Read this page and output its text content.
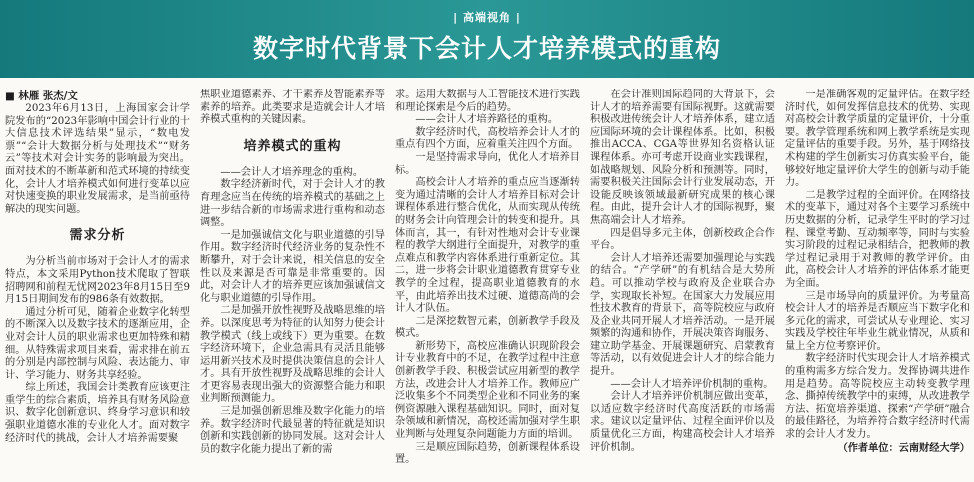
| 高端视角 |
数字时代背景下会计人才培养模式的重构
■ 林雁 张杰/文

2023年6月13日，上海国家会计学院发布的“2023年影响中国会计行业的十大信息技术评选结果”显示，“数电发票”“会计大数据分析与处理技术”“财务云”等技术对会计实务的影响最为突出。面对技术的不断革新和范式环境的持续变化，会计人才培养模式如何进行变革以应对快速变换的职业发展需求，是当前亟待解决的现实问题。

需求分析

为分析当前市场对于会计人才的需求特点，本文采用Python技术爬取了智联招聘网和前程无忧网2023年8月15日至9月15日期间发布的986条有效数据。

通过分析可见，随着企业数字化转型的不断深入以及数字技术的逐渐应用，企业对会计人员的职业需求也更加特殊和精细。从特殊需求项目来看，需求排在前五的分别是内部控制与风险、表达能力、审计、学习能力、财务共享经验。

综上所述，我国会计类教育应该更注重学生的综合素质，培养具有财务风险意识、数字化创新意识、终身学习意识和较强职业道德水准的专业化人才。面对数字经济时代的挑战，会计人才培养需要聚

焦职业道德素养、才干素养及智能素养等素养的培养。此类要求是造就会计人才培养模式重构的关键因素。

培养模式的重构

——会计人才培养理念的重构。

数字经济新时代，对于会计人才的教育理念应当在传统的培养模式的基础之上进一步结合新的市场需求进行重构和动态调整。

一是加强诚信文化与职业道德的引导作用。数字经济时代经济业务的复杂性不断攀升，对于会计来说，相关信息的安全性以及来源是否可靠是非常重要的。因此，对会计人才的培养更应该加强诚信文化与职业道德的引导作用。

二是加强开放性视野及战略思维的培养。以深度思考为特征的认知努力使会计教学模式（线上或线下）更为重要。在数字经济环境下，企业急需具有灵活且能够运用新兴技术及时提供决策信息的会计人才。具有开放性视野及战略思维的会计人才更容易表现出强大的资源整合能力和职业判断预测能力。

三是加强创新思维及数字化能力的培养。数字经济时代最显著的特征就是知识创新和实践创新的协同发展。这对会计人员的数字化能力提出了新的需

求。运用大数据与人工智能技术进行实践和理论探索是今后的趋势。

——会计人才培养路径的重构。

数字经济时代，高校培养会计人才的重点有四个方面，应着重关注四个方面。

一是坚持需求导向，优化人才培养目标。

高校会计人才培养的重点应当逐渐转变为通过清晰的会计人才培养目标对会计课程体系进行整合优化，从而实现从传统的财务会计向管理会计的转变和提升。具体而言，其一，有针对性地对会计专业课程的教学大纲进行全面提升，对教学的重点难点和教学内容体系进行重新定位。其二，进一步将会计职业道德教育贯穿专业教学的全过程，提高职业道德教育的水平，由此培养出技术过硬、道德高尚的会计人才队伍。

二是深挖数智元素，创新教学手段及模式。

新形势下，高校应准确认识现阶段会计专业教育中的不足，在教学过程中注意创新教学手段、积极尝试应用新型的教学方法，改进会计人才培养工作。教师应广泛收集多个不同类型企业和不同业务的案例资源融入课程基础知识。同时，面对复杂领域和新情况，高校还需加强对学生职业判断与处理复杂问题能力方面的培训。

三是顺应国际趋势，创新课程体系设置。

在会计准则国际趋同的大背景下，会计人才的培养需要有国际视野。这就需要积极改进传统会计人才培养体系，建立适应国际环境的会计课程体系。比如，积极推出ACCA、CGA等世界知名资格认证课程体系。亦可考虑开设商业实践课程，如战略规划、风险分析和预测等。同时，需要积极关注国际会计行业发展动态，开设能反映该领域最新研究成果的核心课程。由此，提升会计人才的国际视野，聚焦高端会计人才培养。

四是倡导多元主体，创新校政企合作平台。

会计人才培养还需要加强理论与实践的结合。“产学研”的有机结合是大势所趋。可以推动学校与政府及企业联合办学，实现取长补短。在国家大力发展应用性技术教育的背景下，高等院校应与政府及企业共同开展人才培养活动。一是开展频繁的沟通和协作，开展决策咨询服务、建立助学基金、开展课题研究、启蒙教育等活动，以有效促进会计人才的综合能力提升。

——会计人才培养评价机制的重构。

会计人才培养评价机制应做出变革，以适应数字经济时代高度活跃的市场需求。建议以定量评估、过程全面评价以及质量优化三方面，构建高校会计人才培养评价机制。

一是准确客观的定量评估。在数字经济时代，如何发挥信息技术的优势、实现对高校会计教学质量的定量评价，十分重要。教学管理系统和网上教学系统是实现定量评估的重要手段。另外，基于网络技术构建的学生创新实习仿真实验平台，能够较好地定量评价大学生的创新与动手能力。

二是教学过程的全面评价。在网络技术的变革下，通过对各个主要学习系统中历史数据的分析，记录学生平时的学习过程、课堂考勤、互动频率等，同时与实验实习阶段的过程记录相结合，把教师的教学过程记录用于对教师的教学评价。由此，高校会计人才培养的评估体系才能更为全面。

三是市场导向的质量评价。为考量高校会计人才的培养是否顺应当下数字化和多元化的需求，可尝试从专业理论、实习实践及学校往年毕业生就业情况，从质和量上全方位考察评价。

数字经济时代实现会计人才培养模式的重构需多方综合发力。发挥协调共进作用是趋势。高等院校应主动转变教学理念、撕掉传统教学中的束缚，从改进教学方法、拓宽培养渠道、探索“产学研”融合的最佳路径，为培养符合数字经济时代需求的会计人才发力。

（作者单位：云南财经大学）
